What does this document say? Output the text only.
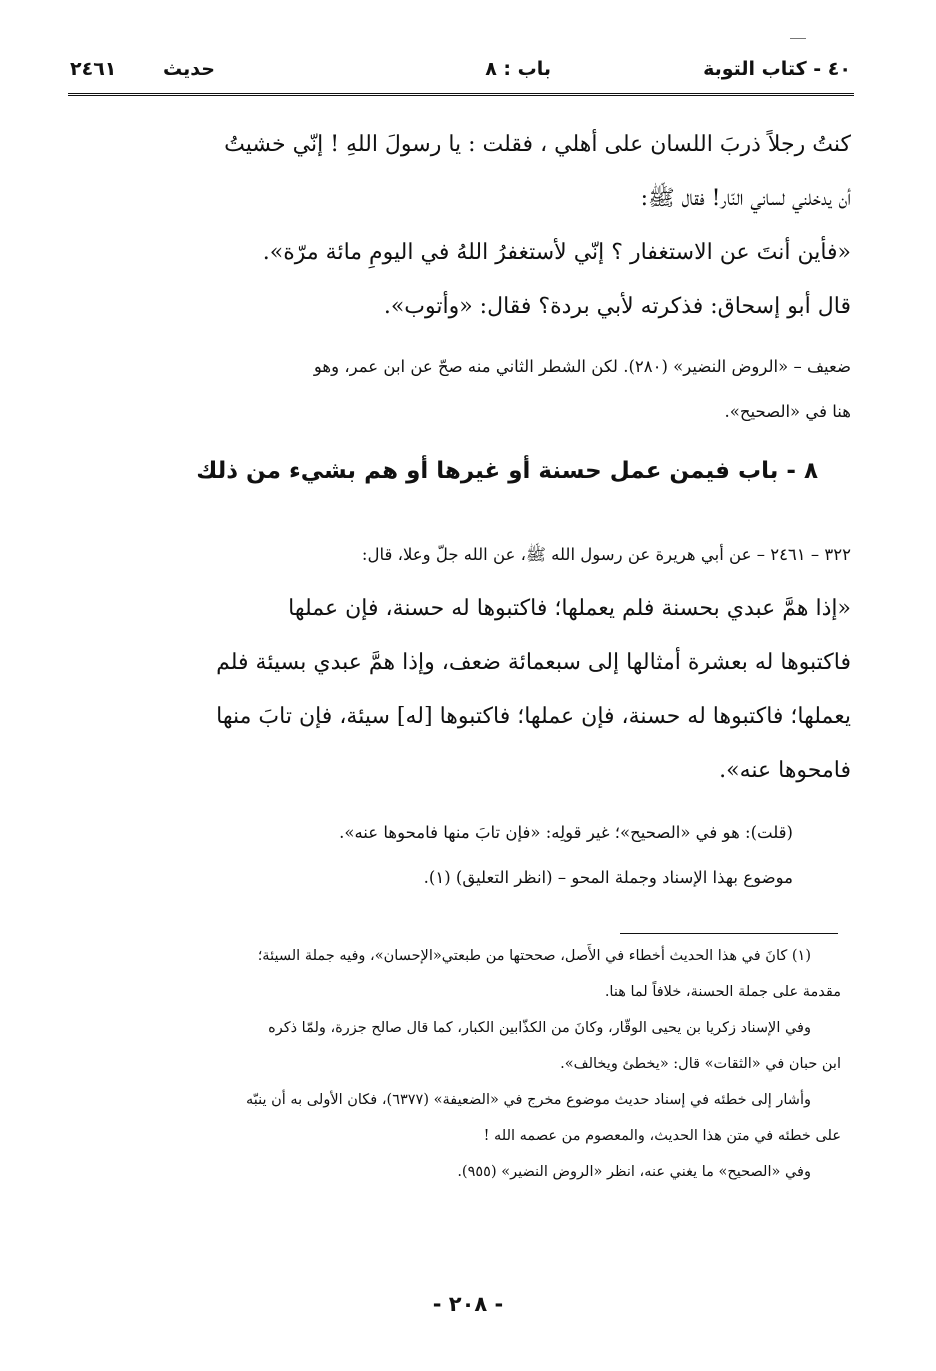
٤٠ - كتاب التوبة
باب : ٨
حديث ٢٤٦١
كنتُ رجلاً ذربَ اللسان على أهلي ، فقلت : يا رسولَ اللهِ ! إنّي خشيتُ
أن يدخلني لساني النّار! فقال ﷺ:
«فأين أنتَ عن الاستغفار ؟ إنّي لأستغفرُ اللهُ في اليومِ مائة مرّة».
قال أبو إسحاق: فذكرته لأبي بردة؟ فقال: «وأتوب».
ضعيف – «الروض النضير» (٢٨٠). لكن الشطر الثاني منه صحّ عن ابن عمر، وهو
هنا في «الصحيح».
٨ - باب فيمن عمل حسنة أو غيرها أو هم بشيء من ذلك
٣٢٢ – ٢٤٦١ – عن أبي هريرة عن رسول الله ﷺ، عن الله جلّ وعلا، قال:
«إذا همَّ عبدي بحسنة فلم يعملها؛ فاكتبوها له حسنة، فإن عملها
فاكتبوها له بعشرة أمثالها إلى سبعمائة ضعف، وإذا همَّ عبدي بسيئة فلم
يعملها؛ فاكتبوها له حسنة، فإن عملها؛ فاكتبوها [له] سيئة، فإن تابَ منها
فامحوها عنه».
(قلت): هو في «الصحيح»؛ غير قولِه: «فإن تابَ منها فامحوها عنه».
موضوع بهذا الإسناد وجملة المحو – (انظر التعليق) (١).
(١) كانَ في هذا الحديث أخطاء في الأَصل، صححتها من طبعتي«الإحسان»، وفيه جملة السيئة؛
مقدمة على جملة الحسنة، خلافاً لما هنا.
وفي الإسناد زكريا بن يحيى الوقّار، وكانَ من الكذّابين الكبار، كما قال صالح جزرة، ولمّا ذكره
ابن حبان في «الثقات» قال: «يخطئ ويخالف».
وأشار إلى خطئه في إسناد حديث موضوع مخرج في «الضعيفة» (٦٣٧٧)، فكان الأولى به أن ينبّه
على خطئه في متن هذا الحديث، والمعصوم من عصمه الله !
وفي «الصحيح» ما يغني عنه، انظر «الروض النضير» (٩٥٥).
- ٢٠٨ -
